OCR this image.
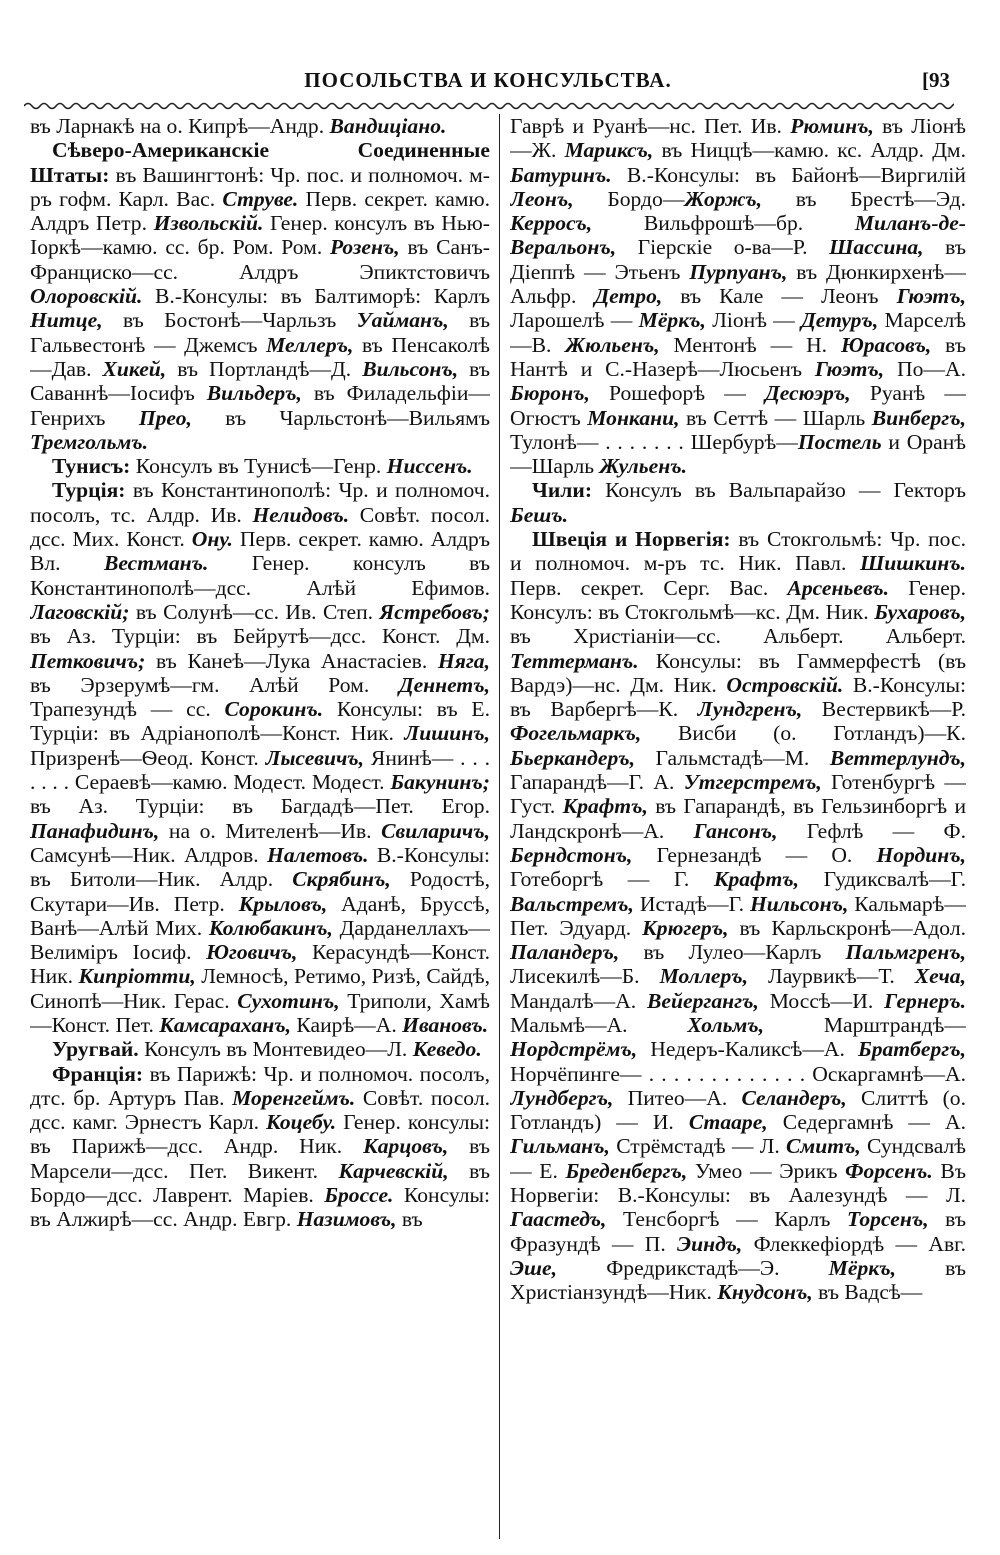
ПОСОЛЬСТВА И КОНСУЛЬСТВА.	[93

въ Ларнакѣ на о. Кипрѣ—Андр. Вандиціано.

Сѣверо-Американскіе Соединенные Штаты: въ Вашингтонѣ: Чр. пос. и полномоч. м-ръ гофм. Карл. Вас. Струве. Перв. секрет. камю. Алдръ Петр. Извольскій. Генер. консулъ въ Нью-Іоркѣ—камю. сс. бр. Ром. Ром. Розенъ, въ Санъ-Франциско—сс. Алдръ Эпиктстовичъ Олоровскій. В.-Консулы: въ Балтиморѣ: Карлъ Нитце, въ Бостонѣ—Чарльзъ Уайманъ, въ Гальвестонѣ — Джемсъ Меллеръ, въ Пенсаколѣ—Дав. Хикей, въ Портландѣ—Д. Вильсонъ, въ Саваннѣ—Іосифъ Вильдеръ, въ Филадельфіи—Генрихъ Прео, въ Чарльстонѣ—Вильямъ Тремгольмъ.

Тунисъ: Консулъ въ Тунисѣ—Генр. Ниссенъ.

Турція: въ Константинополѣ: Чр. и полномоч. посолъ, тс. Алдр. Ив. Нелидовъ. Совѣт. посол. дсс. Мих. Конст. Ону. Перв. секрет. камю. Алдръ Вл. Вестманъ. Генер. консулъ въ Константинополѣ—дсс. Алѣй Ефимов. Лаговскій; въ Солунѣ—сс. Ив. Степ. Ястребовъ; въ Аз. Турціи: въ Бейрутѣ—дсс. Конст. Дм. Петковичъ; въ Канеѣ—Лука Анастасіев. Няга, въ Эрзерумѣ—гм. Алѣй Ром. Деннетъ, Трапезундѣ — сс. Сорокинъ. Консулы: въ Е. Турціи: въ Адріанополѣ—Конст. Ник. Лишинъ, Призренѣ—Ѳеод. Конст. Лысевичъ, Янинѣ— . . . . . . . Сераевѣ—камю. Модест. Модест. Бакунинъ; въ Аз. Турціи: въ Багдадѣ—Пет. Егор. Панафидинъ, на о. Мителенѣ—Ив. Свиларичъ, Самсунѣ—Ник. Алдров. Налетовъ. В.-Консулы: въ Битоли—Ник. Алдр. Скрябинъ, Родостѣ, Скутари—Ив. Петр. Крыловъ, Аданѣ, Бруссѣ, Ванѣ—Алѣй Мих. Колюбакинъ, Дарданеллахъ—Велиміръ Іосиф. Юговичъ, Керасундѣ—Конст. Ник. Кипріотти, Лемносѣ, Ретимо, Ризѣ, Сайдѣ, Синопѣ—Ник. Герас. Сухотинъ, Триполи, Хамѣ—Конст. Пет. Камсараханъ, Каирѣ—А. Ивановъ.

Уругвай. Консулъ въ Монтевидео—Л. Кеведо.

Франція: въ Парижѣ: Чр. и полномоч. посолъ, дтс. бр. Артуръ Пав. Моренгеймъ. Совѣт. посол. дсс. камг. Эрнестъ Карл. Коцебу. Генер. консулы: въ Парижѣ—дсс. Андр. Ник. Карцовъ, въ Марсели—дсс. Пет. Викент. Карчевскій, въ Бордо—дсс. Лаврент. Маріев. Броссе. Консулы: въ Алжирѣ—сс. Андр. Евгр. Назимовъ, въ

Гаврѣ и Руанѣ—нс. Пет. Ив. Рюминъ, въ Ліонѣ—Ж. Мариксъ, въ Ниццѣ—камю. кс. Алдр. Дм. Батуринъ. В.-Консулы: въ Байонѣ—Виргилій Леонъ, Бордо—Жоржъ, въ Брестѣ—Эд. Керросъ, Вильфрошѣ—бр. Миланъ-де-Веральонъ, Гіерскіе о-ва—Р. Шассина, въ Діеппѣ — Этьенъ Пурпуанъ, въ Дюнкирхенѣ—Альфр. Детро, въ Кале — Леонъ Гюэтъ, Ларошелѣ — Мёркъ, Ліонѣ — Детуръ, Марселѣ—В. Жюльенъ, Ментонѣ — Н. Юрасовъ, въ Нантѣ и С.-Назерѣ—Люсьенъ Гюэтъ, По—А. Бюронъ, Рошефорѣ — Десюэръ, Руанѣ — Огюстъ Монкани, въ Сеттѣ — Шарль Винбергъ, Тулонѣ— . . . . . . . Шербурѣ—Постель и Оранѣ—Шарль Жульенъ.

Чили: Консулъ въ Вальпарайзо — Гекторъ Бешъ.

Швеція и Норвегія: въ Стокгольмѣ: Чр. пос. и полномоч. м-ръ тс. Ник. Павл. Шишкинъ. Перв. секрет. Серг. Вас. Арсеньевъ. Генер. Консулъ: въ Стокгольмѣ—кс. Дм. Ник. Бухаровъ, въ Христіаніи—сс. Альберт. Альберт. Теттерманъ. Консулы: въ Гаммерфестѣ (въ Вардэ)—нс. Дм. Ник. Островскій. В.-Консулы: въ Варбергѣ—К. Лундгренъ, Вестервикѣ—Р. Фогельмаркъ, Висби (о. Готландъ)—К. Бьеркандеръ, Гальмстадѣ—М. Веттерлундъ, Гапарандѣ—Г. А. Утгерстремъ, Готенбургѣ — Густ. Крафтъ, въ Гапарандѣ, въ Гельзинборгѣ и Ландскронѣ—А. Гансонъ, Гефлѣ — Ф. Берндстонъ, Гернезандѣ — О. Нординъ, Готеборгѣ — Г. Крафтъ, Гудиксвалѣ—Г. Вальстремъ, Истадѣ—Г. Нильсонъ, Кальмарѣ—Пет. Эдуард. Крюгеръ, въ Карльскронѣ—Адол. Паландеръ, въ Лулео—Карлъ Пальмгренъ, Лисекилѣ—Б. Моллеръ, Лаурвикѣ—Т. Хеча, Мандалѣ—А. Вейергангъ, Моссѣ—И. Гернеръ. Мальмѣ—А. Хольмъ, Марштрандѣ—Нордстрёмъ, Недеръ-Каликсѣ—А. Братбергъ, Норчёпинге— . . . . . . . . . . . . . Оскаргамнѣ—А. Лундбергъ, Питео—А. Селандеръ, Слиттѣ (о. Готландъ) — И. Стааре, Седергамнѣ — А. Гильманъ, Стрёмстадѣ — Л. Смитъ, Сундсвалѣ — Е. Бреденбергъ, Умео — Эрикъ Форсенъ. Въ Норвегіи: В.-Консулы: въ Аалезундѣ — Л. Гаастедъ, Тенсборгѣ — Карлъ Торсенъ, въ Фразундѣ — П. Эиндъ, Флеккефіордѣ — Авг. Эше, Фредрикстадѣ—Э. Мёркъ, въ Христіанзундѣ—Ник. Кнудсонъ, въ Вадсѣ—
